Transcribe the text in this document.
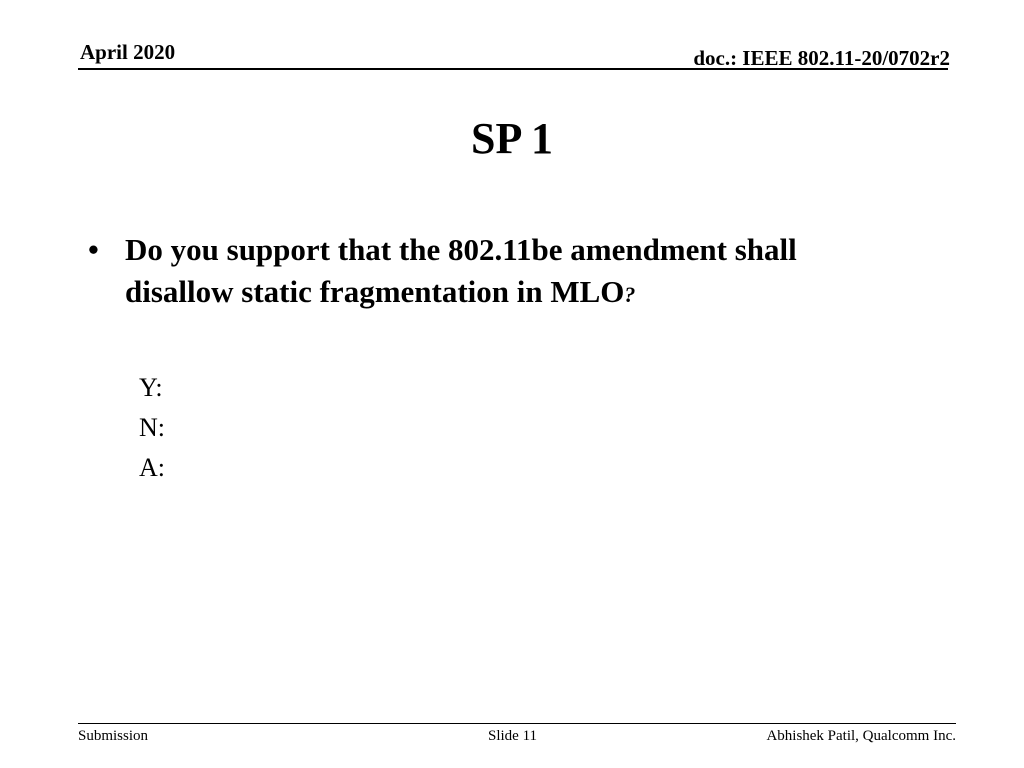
April 2020	doc.: IEEE 802.11-20/0702r2
SP 1
• Do you support that the 802.11be amendment shall disallow static fragmentation in MLO?
Y:
N:
A:
Submission	Slide 11	Abhishek Patil, Qualcomm Inc.
